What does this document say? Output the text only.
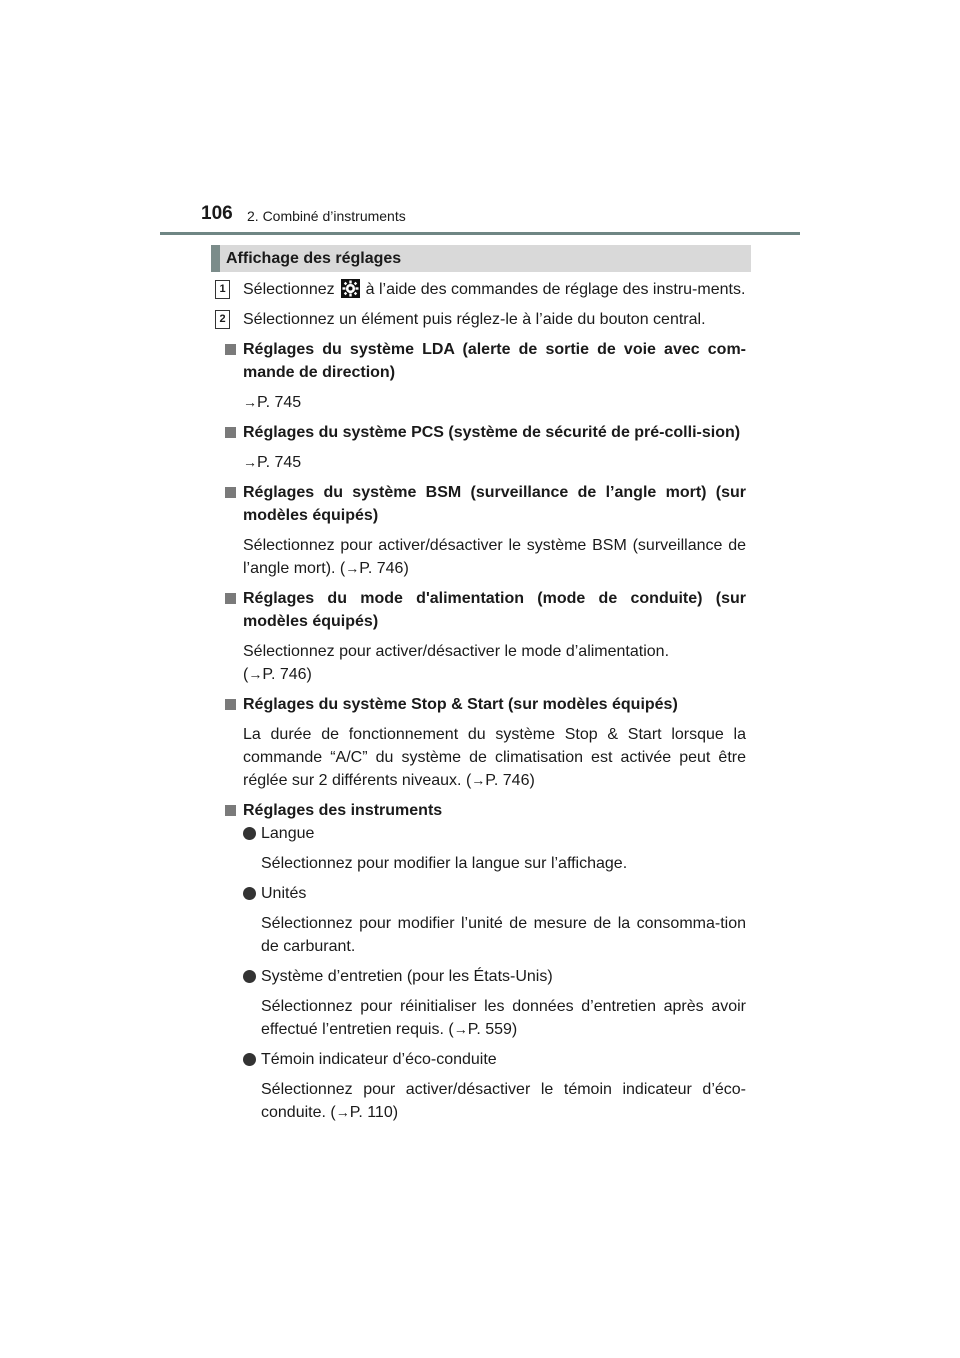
106 2. Combiné d’instruments
Affichage des réglages
1 Sélectionnez à l’aide des commandes de réglage des instru-ments.
2 Sélectionnez un élément puis réglez-le à l’aide du bouton central.
Réglages du système LDA (alerte de sortie de voie avec com-mande de direction)
→P. 745
Réglages du système PCS (système de sécurité de pré-colli-sion)
→P. 745
Réglages du système BSM (surveillance de l’angle mort) (sur modèles équipés)
Sélectionnez pour activer/désactiver le système BSM (surveillance de l’angle mort). (→P. 746)
Réglages du mode d'alimentation (mode de conduite) (sur modèles équipés)
Sélectionnez pour activer/désactiver le mode d’alimentation.
(→P. 746)
Réglages du système Stop & Start (sur modèles équipés)
La durée de fonctionnement du système Stop & Start lorsque la commande “A/C” du système de climatisation est activée peut être réglée sur 2 différents niveaux. (→P. 746)
Réglages des instruments
Langue
Sélectionnez pour modifier la langue sur l’affichage.
Unités
Sélectionnez pour modifier l’unité de mesure de la consomma-tion de carburant.
Système d’entretien (pour les États-Unis)
Sélectionnez pour réinitialiser les données d’entretien après avoir effectué l’entretien requis. (→P. 559)
Témoin indicateur d’éco-conduite
Sélectionnez pour activer/désactiver le témoin indicateur d’éco-conduite. (→P. 110)
